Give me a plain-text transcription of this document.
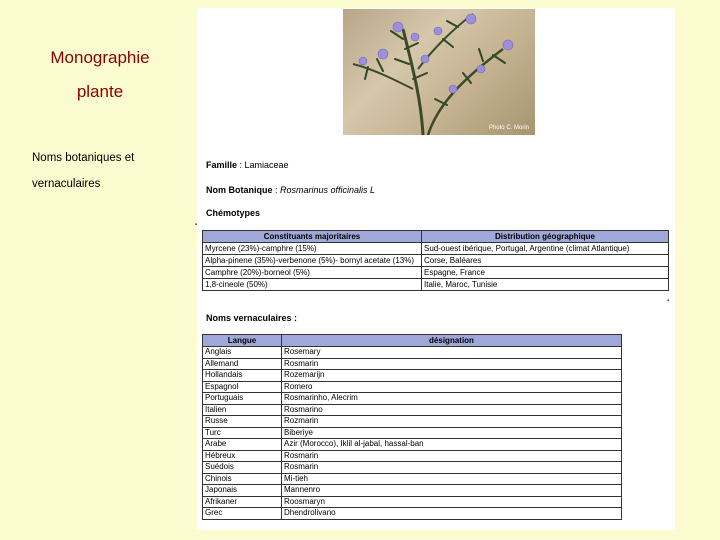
Monographie
plante
Noms botaniques et vernaculaires
Photo C. Morin
Famille : Lamiaceae
Nom Botanique : Rosmarinus officinalis L
Chémotypes
▪
Constituants majoritaires	Distribution géographique
Myrcene (23%)-camphre (15%)	Sud-ouest ibérique, Portugal, Argentine (climat Atlantique)
Alpha-pinene (35%)-verbenone (5%)- bornyl acetate (13%)	Corse, Baléares
Camphre (20%)-borneol (5%)	Espagne, France
1,8-cineole (50%)	Italie, Maroc, Tunisie
▪
Noms vernaculaires :
Langue	désignation
Anglais	Rosemary
Allemand	Rosmarin
Hollandais	Rozemarijn
Espagnol	Romero
Portuguais	Rosmarinho, Alecrim
Italien	Rosmarino
Russe	Rozmarin
Turc	Biberiye
Arabe	Azir (Morocco), Iklil al-jabal, hassal-ban
Hébreux	Rosmarin
Suédois	Rosmarin
Chinois	Mi-tieh
Japonais	Mannenro
Afrikaner	Roosmaryn
Grec	Dhendrolivano
